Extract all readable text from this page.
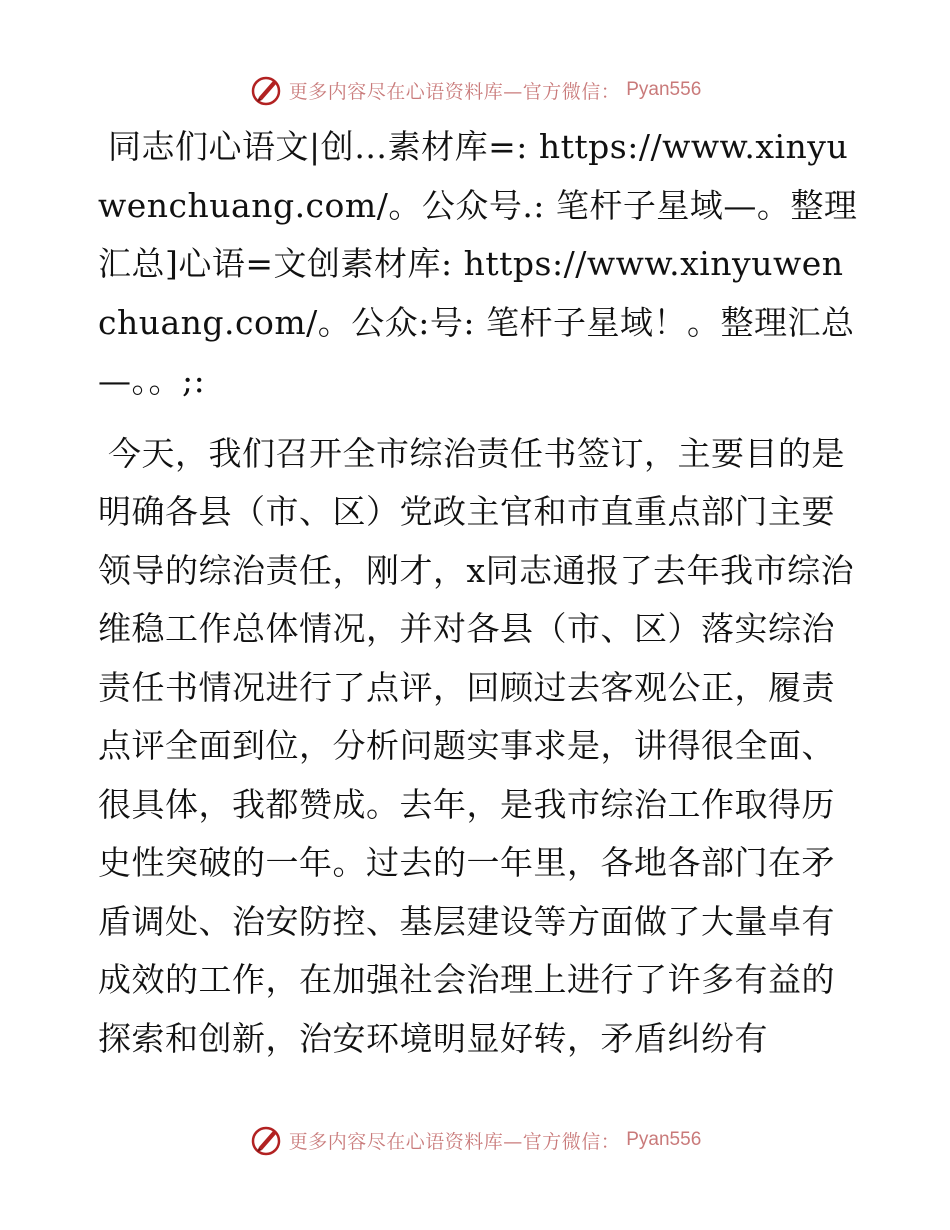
更多内容尽在心语资料库—官方微信： Pyan556

同志们心语文|创…素材库=: https://www.xinyuwenchuang.com/。公众号.: 笔杆子星域—。整理汇总]心语=文创素材库: https://www.xinyuwenchuang.com/。公众:号: 笔杆子星域！。整理汇总—。。;:

今天，我们召开全市综治责任书签订，主要目的是明确各县（市、区）党政主官和市直重点部门主要领导的综治责任，刚才，x同志通报了去年我市综治维稳工作总体情况，并对各县（市、区）落实综治责任书情况进行了点评，回顾过去客观公正，履责点评全面到位，分析问题实事求是，讲得很全面、很具体，我都赞成。去年，是我市综治工作取得历史性突破的一年。过去的一年里，各地各部门在矛盾调处、治安防控、基层建设等方面做了大量卓有成效的工作，在加强社会治理上进行了许多有益的探索和创新，治安环境明显好转，矛盾纠纷有

更多内容尽在心语资料库—官方微信： Pyan556
